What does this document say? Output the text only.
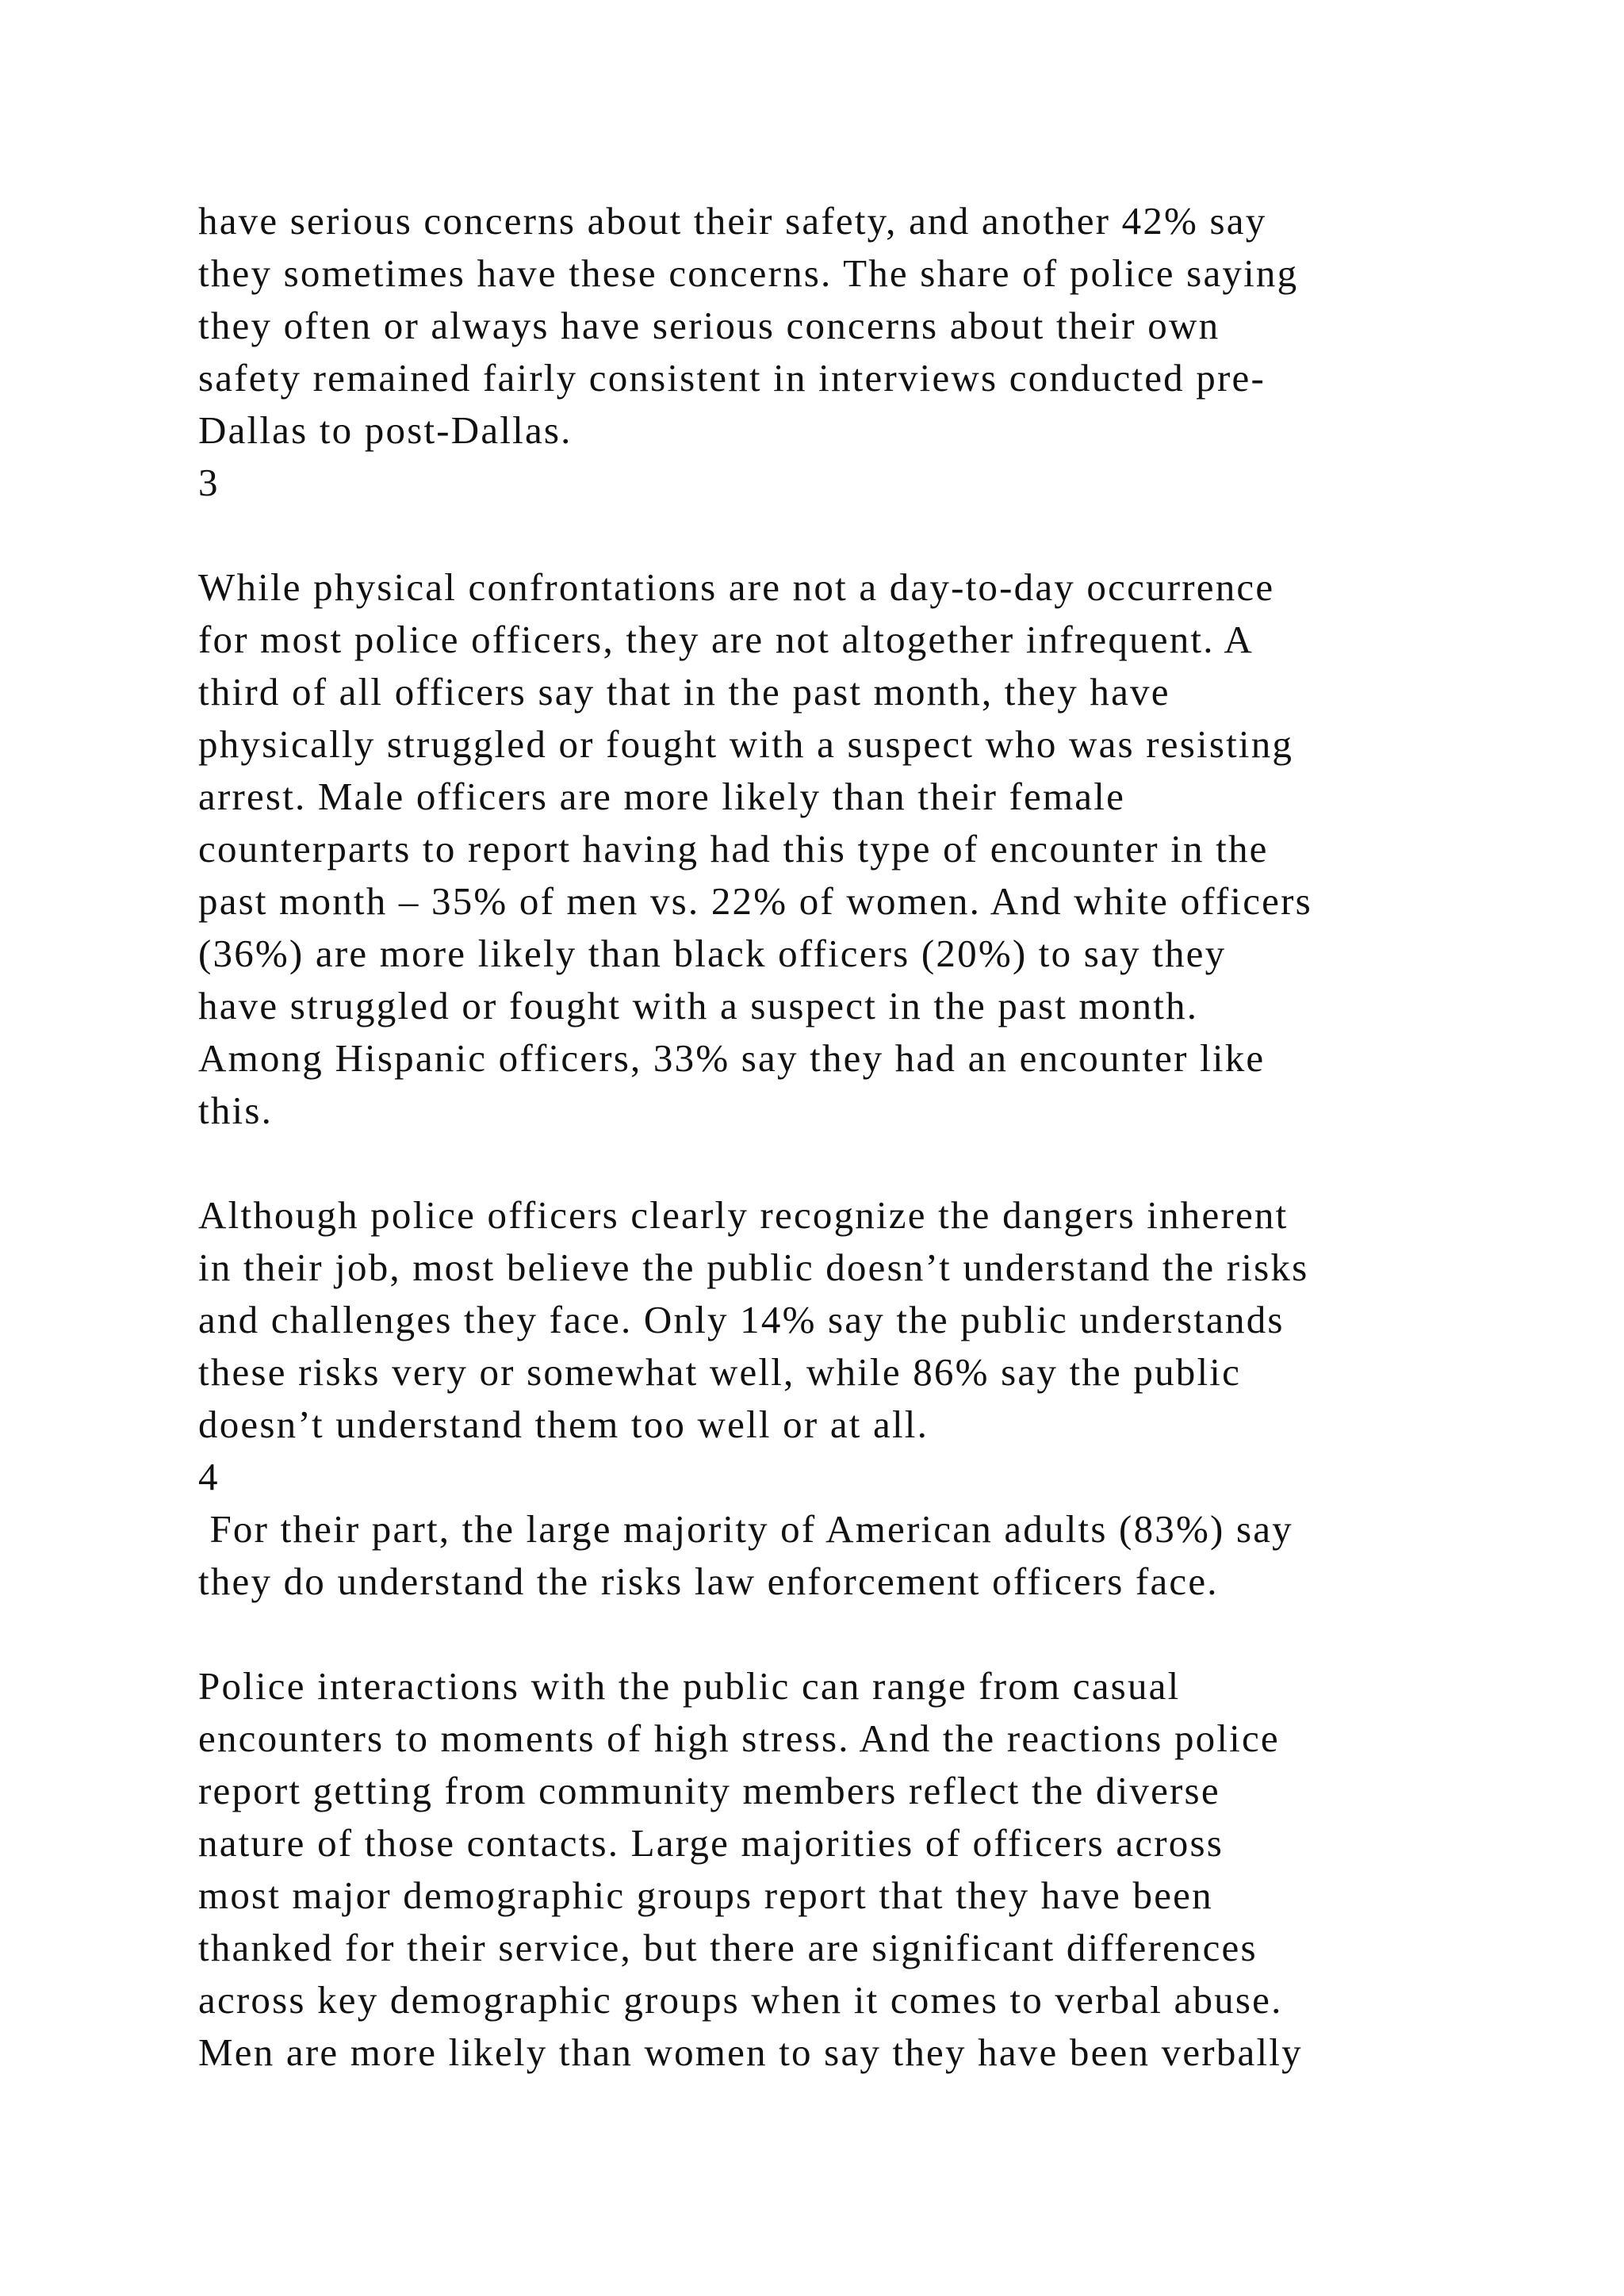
have serious concerns about their safety, and another 42% say
they sometimes have these concerns. The share of police saying
they often or always have serious concerns about their own
safety remained fairly consistent in interviews conducted pre-
Dallas to post-Dallas.
3
While physical confrontations are not a day-to-day occurrence
for most police officers, they are not altogether infrequent. A
third of all officers say that in the past month, they have
physically struggled or fought with a suspect who was resisting
arrest. Male officers are more likely than their female
counterparts to report having had this type of encounter in the
past month – 35% of men vs. 22% of women. And white officers
(36%) are more likely than black officers (20%) to say they
have struggled or fought with a suspect in the past month.
Among Hispanic officers, 33% say they had an encounter like
this.
Although police officers clearly recognize the dangers inherent
in their job, most believe the public doesn’t understand the risks
and challenges they face. Only 14% say the public understands
these risks very or somewhat well, while 86% say the public
doesn’t understand them too well or at all.
4
For their part, the large majority of American adults (83%) say
they do understand the risks law enforcement officers face.
Police interactions with the public can range from casual
encounters to moments of high stress. And the reactions police
report getting from community members reflect the diverse
nature of those contacts. Large majorities of officers across
most major demographic groups report that they have been
thanked for their service, but there are significant differences
across key demographic groups when it comes to verbal abuse.
Men are more likely than women to say they have been verbally
